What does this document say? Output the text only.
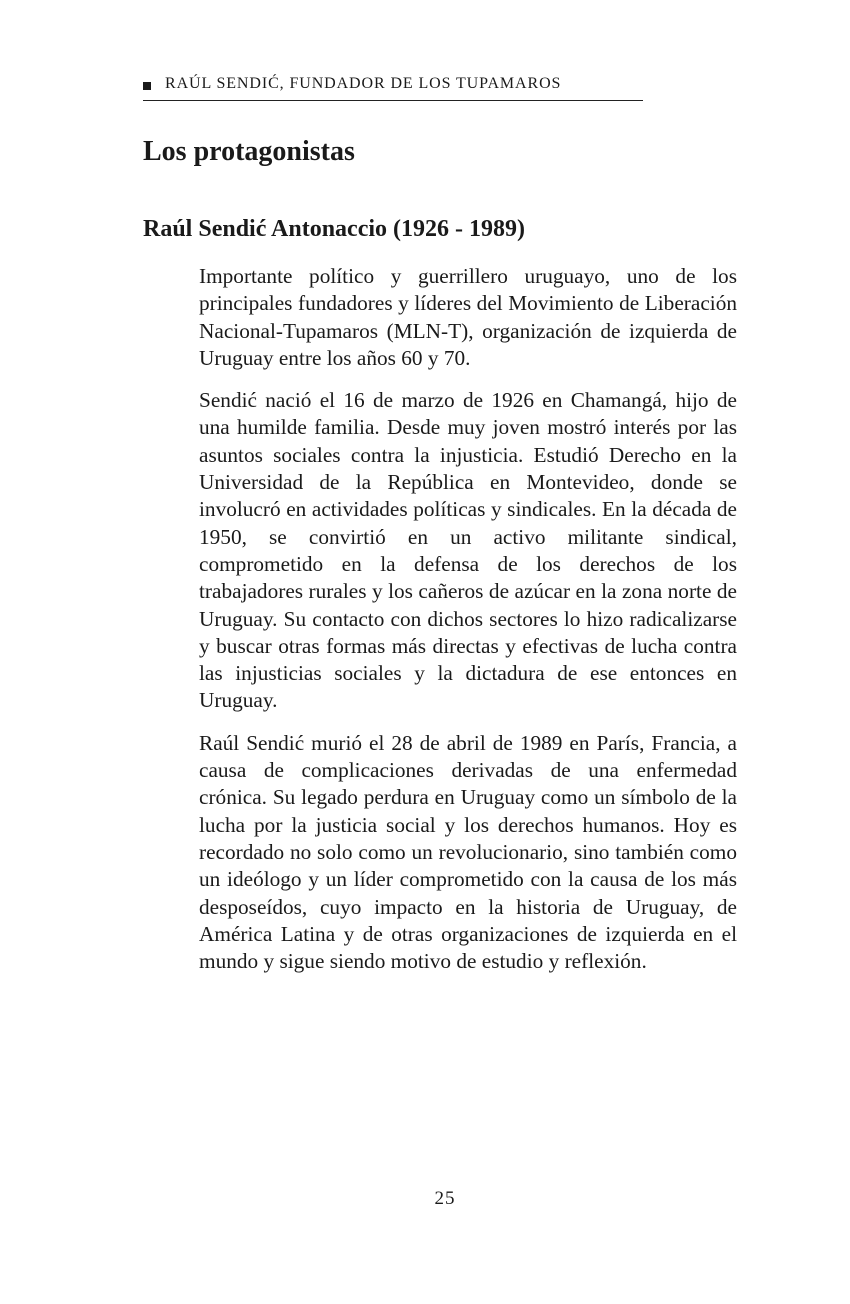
RAÚL SENDIĆ, FUNDADOR DE LOS TUPAMAROS
Los protagonistas
Raúl Sendić Antonaccio (1926 - 1989)

Importante político y guerrillero uruguayo, uno de los principales fundadores y líderes del Movimiento de Liberación Nacional-Tupamaros (MLN-T), organización de izquierda de Uruguay entre los años 60 y 70.

Sendić nació el 16 de marzo de 1926 en Chamangá, hijo de una humilde familia. Desde muy joven mostró interés por las asuntos sociales contra la injusticia. Estudió Derecho en la Universidad de la República en Montevideo, donde se involucró en actividades políticas y sindicales. En la década de 1950, se convirtió en un activo militante sindical, comprometido en la defensa de los derechos de los trabajadores rurales y los cañeros de azúcar en la zona norte de Uruguay. Su contacto con dichos sectores lo hizo radicalizarse y buscar otras formas más directas y efectivas de lucha contra las injusticias sociales y la dictadura de ese entonces en Uruguay.

Raúl Sendić murió el 28 de abril de 1989 en París, Francia, a causa de complicaciones derivadas de una enfermedad crónica. Su legado perdura en Uruguay como un símbolo de la lucha por la justicia social y los derechos humanos. Hoy es recordado no solo como un revolucionario, sino también como un ideólogo y un líder comprometido con la causa de los más desposeídos, cuyo impacto en la historia de Uruguay, de América Latina y de otras organizaciones de izquierda en el mundo y sigue siendo motivo de estudio y reflexión.

25
